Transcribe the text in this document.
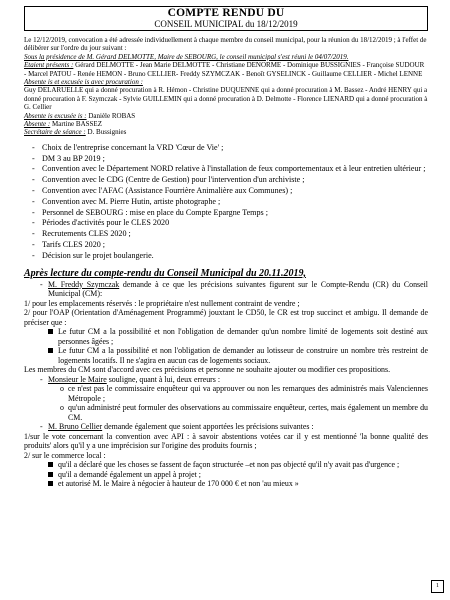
COMPTE RENDU DU
CONSEIL MUNICIPAL du 18/12/2019

Le 12/12/2019, convocation a été adressée individuellement à chaque membre du conseil municipal, pour la réunion du 18/12/2019 ; à l'effet de délibérer sur l'ordre du jour suivant :

Sous la présidence de M. Gérard DELMOTTE, Maire de SEBOURG, le conseil municipal s'est réuni le 04/07/2019.

Etaient présents : Gérard DELMOTTE - Jean Marie DELMOTTE - Christiane DENORME - Dominique BUSSIGNIES - Françoise SUDOUR - Marcel PATOU - Renée HEMON - Bruno CELLIER- Freddy SZYMCZAK - Benoît GYSELINCK - Guillaume CELLIER - Michel LENNE

Absente is et excusée is avec procuration :

Guy DELARUELLE qui a donné procuration à R. Hémon - Christine DUQUENNE qui a donné procuration à M. Bassez - André HENRY qui a donné procuration à F. Szymczak - Sylvie GUILLEMIN qui a donné procuration à D. Delmotte - Florence LIENARD qui a donné procuration à G. Cellier

Absente is excusée is : Danièle ROBAS

Absente : Martine BASSEZ

Secrétaire de séance : D. Bussignies

- Choix de l'entreprise concernant la VRD 'Cœur de Vie' ;
- DM 3 au BP 2019 ;
- Convention avec le Département NORD relative à l'installation de feux comportementaux et à leur entretien ultérieur ;
- Convention avec le CDG (Centre de Gestion) pour l'intervention d'un archiviste ;
- Convention avec l'AFAC (Assistance Fourrière Animalière aux Communes) ;
- Convention avec M. Pierre Hutin, artiste photographe ;
- Personnel de SEBOURG : mise en place du Compte Epargne Temps ;
- Périodes d'activités pour le CLES 2020
- Recrutements CLES 2020 ;
- Tarifs CLES 2020 ;
- Décision sur le projet boulangerie.
Après lecture du compte-rendu du Conseil Municipal du 20.11.2019,

- M. Freddy Szymczak demande à ce que les précisions suivantes figurent sur le Compte-Rendu (CR) du Conseil Municipal (CM):

1/ pour les emplacements réservés : le propriétaire n'est nullement contraint de vendre ;

2/ pour l'OAP (Orientation d'Aménagement Programmé) jouxtant le CD50, le CR est trop succinct et ambigu. Il demande de préciser que :

Le futur CM a la possibilité et non l'obligation de demander qu'un nombre limité de logements soit destiné aux personnes âgées ;

Le futur CM a la possibilité et non l'obligation de demander au lotisseur de construire un nombre très restreint de logements locatifs. Il ne s'agira en aucun cas de logements sociaux.

Les membres du CM sont d'accord avec ces précisions et personne ne souhaite ajouter ou modifier ces propositions.

- Monsieur le Maire souligne, quant à lui, deux erreurs :

o ce n'est pas le commissaire enquêteur qui va approuver ou non les remarques des administrés mais Valenciennes Métropole ;

o qu'un administré peut formuler des observations au commissaire enquêteur, certes, mais également un membre du CM.

- M. Bruno Cellier demande également que soient apportées les précisions suivantes :

1/sur le vote concernant la convention avec API : à savoir abstentions votées car il y est mentionné 'la bonne qualité des produits' alors qu'il y a une imprécision sur l'origine des produits fournis ;

2/ sur le commerce local :

qu'il a déclaré que les choses se fassent de façon structurée –et non pas objecté qu'il n'y avait pas d'urgence ;

qu'il a demandé également un appel à projet ;

et autorisé M. le Maire à négocier à hauteur de 170 000 € et non 'au mieux »

1
